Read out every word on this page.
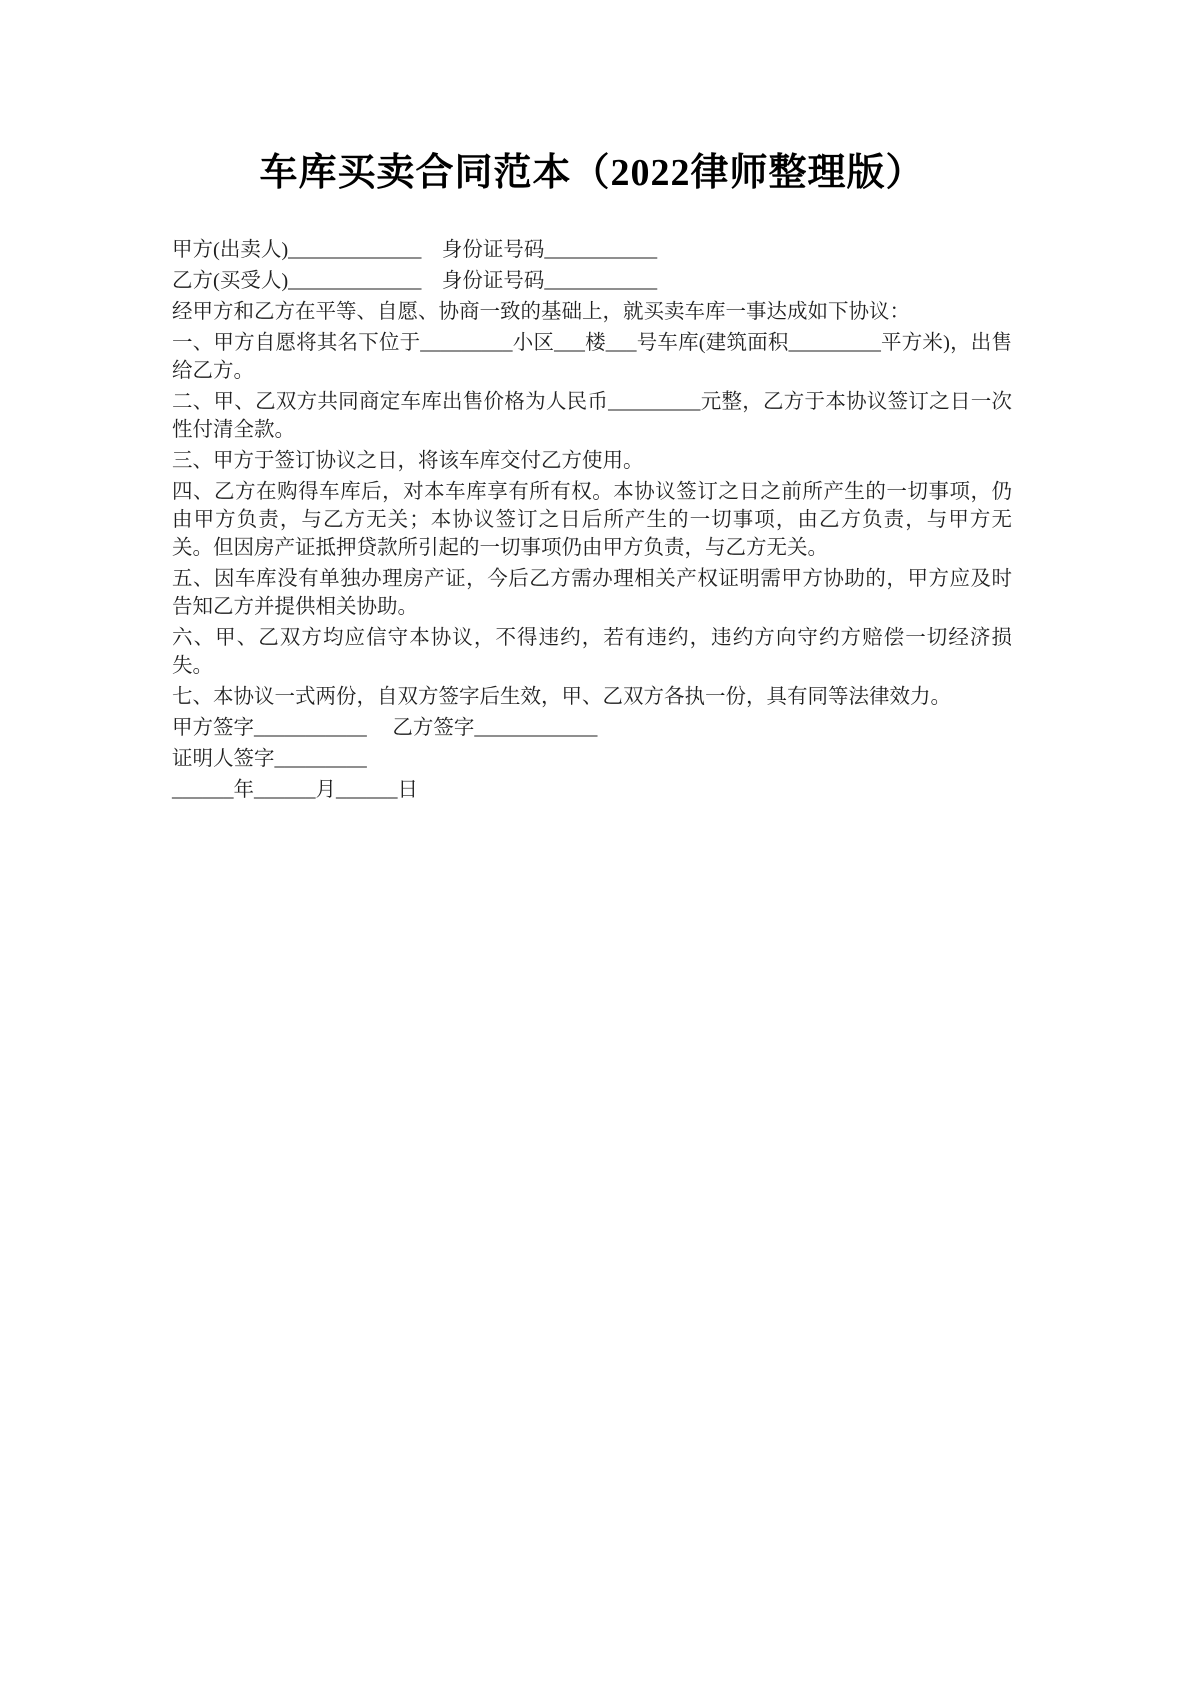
车库买卖合同范本（2022律师整理版）

甲方(出卖人)_____________　身份证号码___________

乙方(买受人)_____________　身份证号码___________

经甲方和乙方在平等、自愿、协商一致的基础上，就买卖车库一事达成如下协议：

一、甲方自愿将其名下位于_________小区___楼___号车库(建筑面积_________平方米)，出售给乙方。

二、甲、乙双方共同商定车库出售价格为人民币_________元整，乙方于本协议签订之日一次性付清全款。

三、甲方于签订协议之日，将该车库交付乙方使用。

四、乙方在购得车库后，对本车库享有所有权。本协议签订之日之前所产生的一切事项，仍由甲方负责，与乙方无关；本协议签订之日后所产生的一切事项，由乙方负责，与甲方无关。但因房产证抵押贷款所引起的一切事项仍由甲方负责，与乙方无关。

五、因车库没有单独办理房产证，今后乙方需办理相关产权证明需甲方协助的，甲方应及时告知乙方并提供相关协助。

六、甲、乙双方均应信守本协议，不得违约，若有违约，违约方向守约方赔偿一切经济损失。

七、本协议一式两份，自双方签字后生效，甲、乙双方各执一份，具有同等法律效力。

甲方签字___________　 乙方签字____________

证明人签字_________

______年______月______日
